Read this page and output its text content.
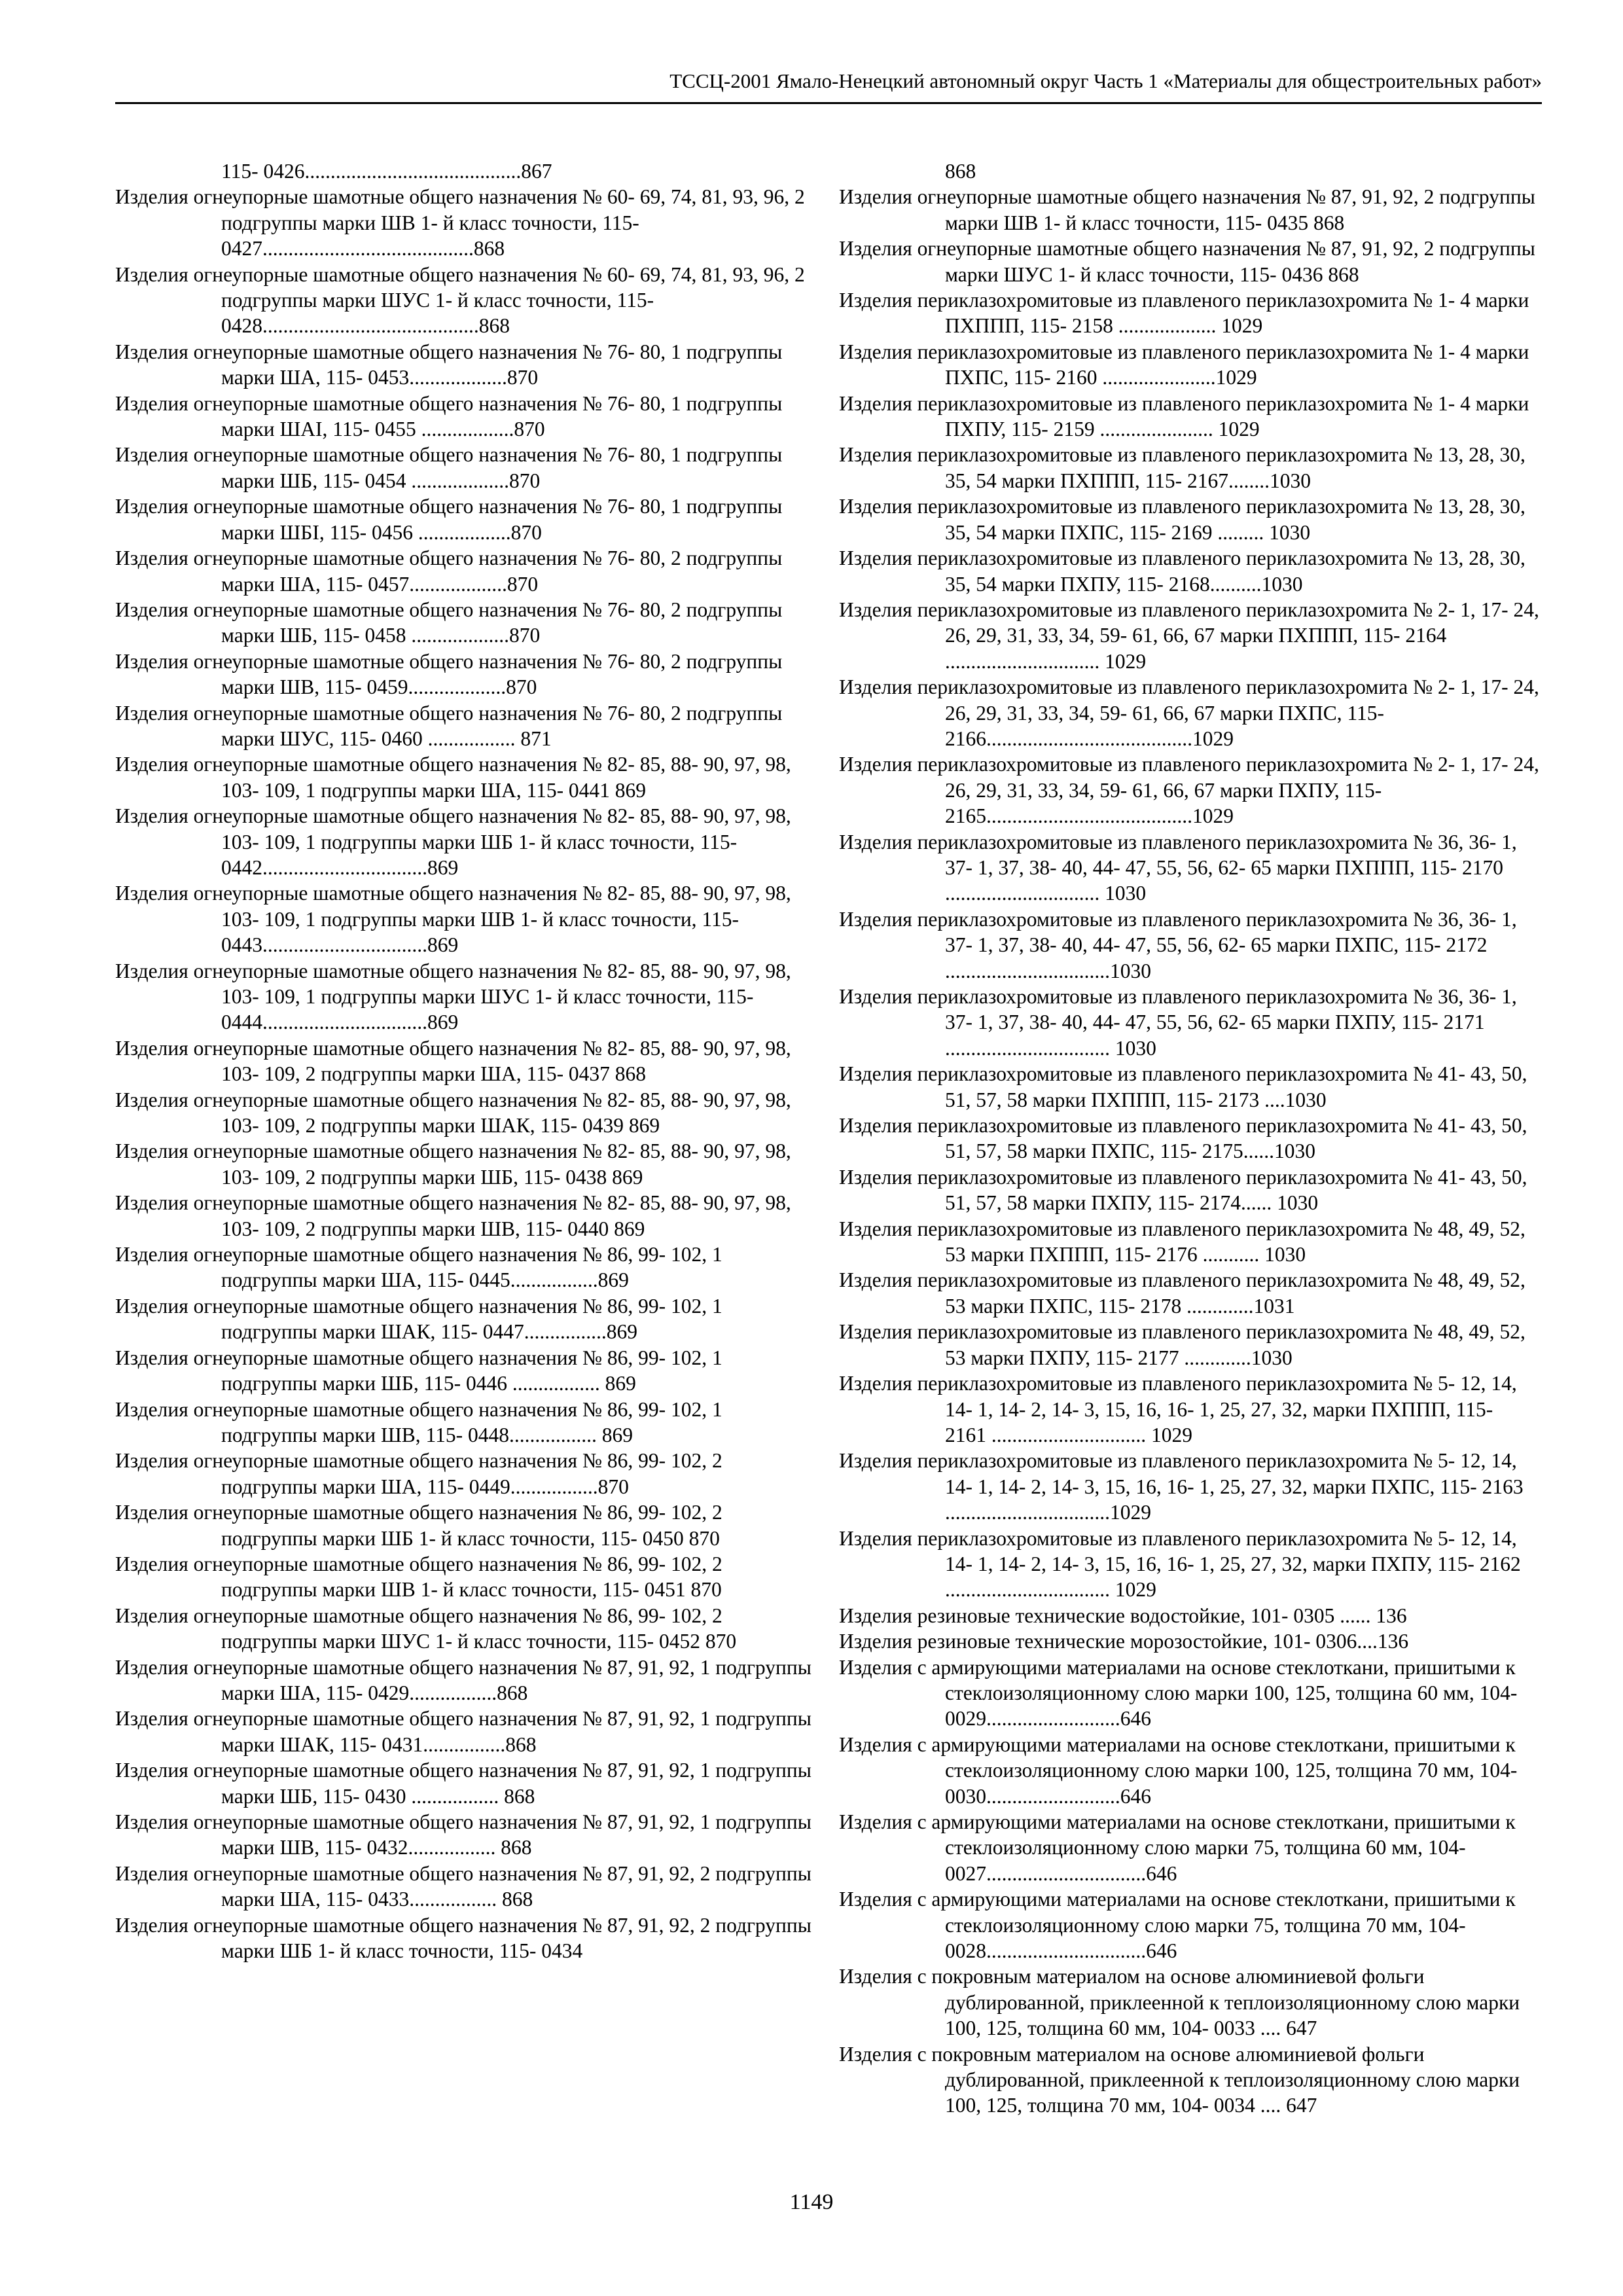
ТССЦ-2001 Ямало-Ненецкий автономный округ Часть 1 «Материалы для общестроительных работ»
115- 0426..........................................867
Изделия огнеупорные шамотные общего назначения № 60- 69, 74, 81, 93, 96, 2 подгруппы марки ШВ 1- й класс точности, 115- 0427.........................................868
Изделия огнеупорные шамотные общего назначения № 60- 69, 74, 81, 93, 96, 2 подгруппы марки ШУС 1- й класс точности, 115- 0428..........................................868
Изделия огнеупорные шамотные общего назначения № 76- 80, 1 подгруппы марки ША, 115- 0453...................870
Изделия огнеупорные шамотные общего назначения № 76- 80, 1 подгруппы марки ШАI, 115- 0455 ..................870
Изделия огнеупорные шамотные общего назначения № 76- 80, 1 подгруппы марки ШБ, 115- 0454 ...................870
Изделия огнеупорные шамотные общего назначения № 76- 80, 1 подгруппы марки ШБI, 115- 0456 ..................870
Изделия огнеупорные шамотные общего назначения № 76- 80, 2 подгруппы марки ША, 115- 0457...................870
Изделия огнеупорные шамотные общего назначения № 76- 80, 2 подгруппы марки ШБ, 115- 0458 ...................870
Изделия огнеупорные шамотные общего назначения № 76- 80, 2 подгруппы марки ШВ, 115- 0459...................870
Изделия огнеупорные шамотные общего назначения № 76- 80, 2 подгруппы марки ШУС, 115- 0460 ................. 871
Изделия огнеупорные шамотные общего назначения № 82- 85, 88- 90, 97, 98, 103- 109, 1 подгруппы марки ША, 115- 0441 869
Изделия огнеупорные шамотные общего назначения № 82- 85, 88- 90, 97, 98, 103- 109, 1 подгруппы марки ШБ 1- й класс точности, 115- 0442................................869
Изделия огнеупорные шамотные общего назначения № 82- 85, 88- 90, 97, 98, 103- 109, 1 подгруппы марки ШВ 1- й класс точности, 115- 0443................................869
Изделия огнеупорные шамотные общего назначения № 82- 85, 88- 90, 97, 98, 103- 109, 1 подгруппы марки ШУС 1- й класс точности, 115- 0444................................869
Изделия огнеупорные шамотные общего назначения № 82- 85, 88- 90, 97, 98, 103- 109, 2 подгруппы марки ША, 115- 0437 868
Изделия огнеупорные шамотные общего назначения № 82- 85, 88- 90, 97, 98, 103- 109, 2 подгруппы марки ШАК, 115- 0439 869
Изделия огнеупорные шамотные общего назначения № 82- 85, 88- 90, 97, 98, 103- 109, 2 подгруппы марки ШБ, 115- 0438 869
Изделия огнеупорные шамотные общего назначения № 82- 85, 88- 90, 97, 98, 103- 109, 2 подгруппы марки ШВ, 115- 0440 869
Изделия огнеупорные шамотные общего назначения № 86, 99- 102, 1 подгруппы марки ША, 115- 0445.................869
Изделия огнеупорные шамотные общего назначения № 86, 99- 102, 1 подгруппы марки ШАК, 115- 0447................869
Изделия огнеупорные шамотные общего назначения № 86, 99- 102, 1 подгруппы марки ШБ, 115- 0446 ................. 869
Изделия огнеупорные шамотные общего назначения № 86, 99- 102, 1 подгруппы марки ШВ, 115- 0448................. 869
Изделия огнеупорные шамотные общего назначения № 86, 99- 102, 2 подгруппы марки ША, 115- 0449.................870
Изделия огнеупорные шамотные общего назначения № 86, 99- 102, 2 подгруппы марки ШБ 1- й класс точности, 115- 0450 870
Изделия огнеупорные шамотные общего назначения № 86, 99- 102, 2 подгруппы марки ШВ 1- й класс точности, 115- 0451 870
Изделия огнеупорные шамотные общего назначения № 86, 99- 102, 2 подгруппы марки ШУС 1- й класс точности, 115- 0452 870
Изделия огнеупорные шамотные общего назначения № 87, 91, 92, 1 подгруппы марки ША, 115- 0429.................868
Изделия огнеупорные шамотные общего назначения № 87, 91, 92, 1 подгруппы марки ШАК, 115- 0431................868
Изделия огнеупорные шамотные общего назначения № 87, 91, 92, 1 подгруппы марки ШБ, 115- 0430 ................. 868
Изделия огнеупорные шамотные общего назначения № 87, 91, 92, 1 подгруппы марки ШВ, 115- 0432................. 868
Изделия огнеупорные шамотные общего назначения № 87, 91, 92, 2 подгруппы марки ША, 115- 0433................. 868
Изделия огнеупорные шамотные общего назначения № 87, 91, 92, 2 подгруппы марки ШБ 1- й класс точности, 115- 0434
868
Изделия огнеупорные шамотные общего назначения № 87, 91, 92, 2 подгруппы марки ШВ 1- й класс точности, 115- 0435 868
Изделия огнеупорные шамотные общего назначения № 87, 91, 92, 2 подгруппы марки ШУС 1- й класс точности, 115- 0436 868
Изделия периклазохромитовые из плавленого периклазохромита № 1- 4 марки ПХППП, 115- 2158 ................... 1029
Изделия периклазохромитовые из плавленого периклазохромита № 1- 4 марки ПХПС, 115- 2160 ......................1029
Изделия периклазохромитовые из плавленого периклазохромита № 1- 4 марки ПХПУ, 115- 2159 ...................... 1029
Изделия периклазохромитовые из плавленого периклазохромита № 13, 28, 30, 35, 54 марки ПХППП, 115- 2167........1030
Изделия периклазохромитовые из плавленого периклазохромита № 13, 28, 30, 35, 54 марки ПХПС, 115- 2169 ......... 1030
Изделия периклазохромитовые из плавленого периклазохромита № 13, 28, 30, 35, 54 марки ПХПУ, 115- 2168..........1030
Изделия периклазохромитовые из плавленого периклазохромита № 2- 1, 17- 24, 26, 29, 31, 33, 34, 59- 61, 66, 67 марки ПХППП, 115- 2164 .............................. 1029
Изделия периклазохромитовые из плавленого периклазохромита № 2- 1, 17- 24, 26, 29, 31, 33, 34, 59- 61, 66, 67 марки ПХПС, 115- 2166........................................1029
Изделия периклазохромитовые из плавленого периклазохромита № 2- 1, 17- 24, 26, 29, 31, 33, 34, 59- 61, 66, 67 марки ПХПУ, 115- 2165........................................1029
Изделия периклазохромитовые из плавленого периклазохромита № 36, 36- 1, 37- 1, 37, 38- 40, 44- 47, 55, 56, 62- 65 марки ПХППП, 115- 2170 .............................. 1030
Изделия периклазохромитовые из плавленого периклазохромита № 36, 36- 1, 37- 1, 37, 38- 40, 44- 47, 55, 56, 62- 65 марки ПХПС, 115- 2172 ................................1030
Изделия периклазохромитовые из плавленого периклазохромита № 36, 36- 1, 37- 1, 37, 38- 40, 44- 47, 55, 56, 62- 65 марки ПХПУ, 115- 2171 ................................ 1030
Изделия периклазохромитовые из плавленого периклазохромита № 41- 43, 50, 51, 57, 58 марки ПХППП, 115- 2173 ....1030
Изделия периклазохромитовые из плавленого периклазохромита № 41- 43, 50, 51, 57, 58 марки ПХПС, 115- 2175......1030
Изделия периклазохромитовые из плавленого периклазохромита № 41- 43, 50, 51, 57, 58 марки ПХПУ, 115- 2174...... 1030
Изделия периклазохромитовые из плавленого периклазохромита № 48, 49, 52, 53 марки ПХППП, 115- 2176 ........... 1030
Изделия периклазохромитовые из плавленого периклазохромита № 48, 49, 52, 53 марки ПХПС, 115- 2178 .............1031
Изделия периклазохромитовые из плавленого периклазохромита № 48, 49, 52, 53 марки ПХПУ, 115- 2177 .............1030
Изделия периклазохромитовые из плавленого периклазохромита № 5- 12, 14, 14- 1, 14- 2, 14- 3, 15, 16, 16- 1, 25, 27, 32, марки ПХППП, 115- 2161 .............................. 1029
Изделия периклазохромитовые из плавленого периклазохромита № 5- 12, 14, 14- 1, 14- 2, 14- 3, 15, 16, 16- 1, 25, 27, 32, марки ПХПС, 115- 2163 ................................1029
Изделия периклазохромитовые из плавленого периклазохромита № 5- 12, 14, 14- 1, 14- 2, 14- 3, 15, 16, 16- 1, 25, 27, 32, марки ПХПУ, 115- 2162 ................................ 1029
Изделия резиновые технические водостойкие, 101- 0305 ...... 136
Изделия резиновые технические морозостойкие, 101- 0306....136
Изделия с армирующими материалами на основе стеклоткани, пришитыми к стеклоизоляционному слою марки 100, 125, толщина 60 мм, 104- 0029..........................646
Изделия с армирующими материалами на основе стеклоткани, пришитыми к стеклоизоляционному слою марки 100, 125, толщина 70 мм, 104- 0030..........................646
Изделия с армирующими материалами на основе стеклоткани, пришитыми к стеклоизоляционному слою марки 75, толщина 60 мм, 104- 0027...............................646
Изделия с армирующими материалами на основе стеклоткани, пришитыми к стеклоизоляционному слою марки 75, толщина 70 мм, 104- 0028...............................646
Изделия с покровным материалом на основе алюминиевой фольги дублированной, приклеенной к теплоизоляционному слою марки 100, 125, толщина 60 мм, 104- 0033 .... 647
Изделия с покровным материалом на основе алюминиевой фольги дублированной, приклеенной к теплоизоляционному слою марки 100, 125, толщина 70 мм, 104- 0034 .... 647
1149
